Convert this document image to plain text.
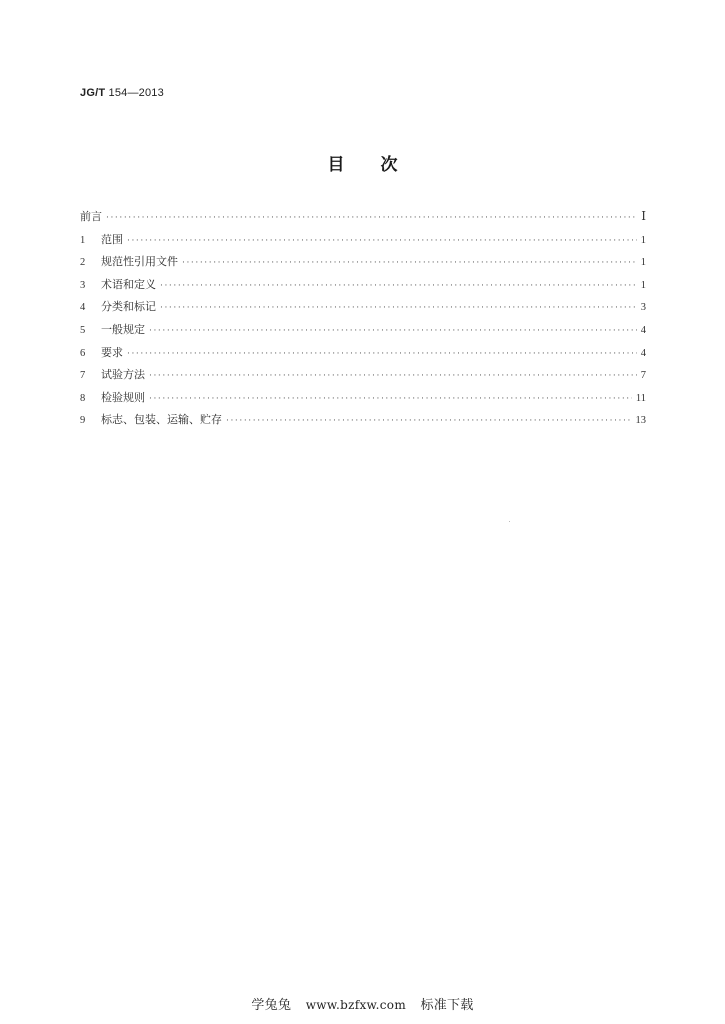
JG/T 154—2013
目 次
前言 ·····	Ⅰ
1	范围 ·····	1
2	规范性引用文件 ·····	1
3	术语和定义 ·····	1
4	分类和标记 ·····	3
5	一般规定 ·····	4
6	要求 ·····	4
7	试验方法 ·····	7
8	检验规则 ·····	11
9	标志、包装、运输、贮存 ·····	13
学兔兔 www.bzfxw.com 标准下载
